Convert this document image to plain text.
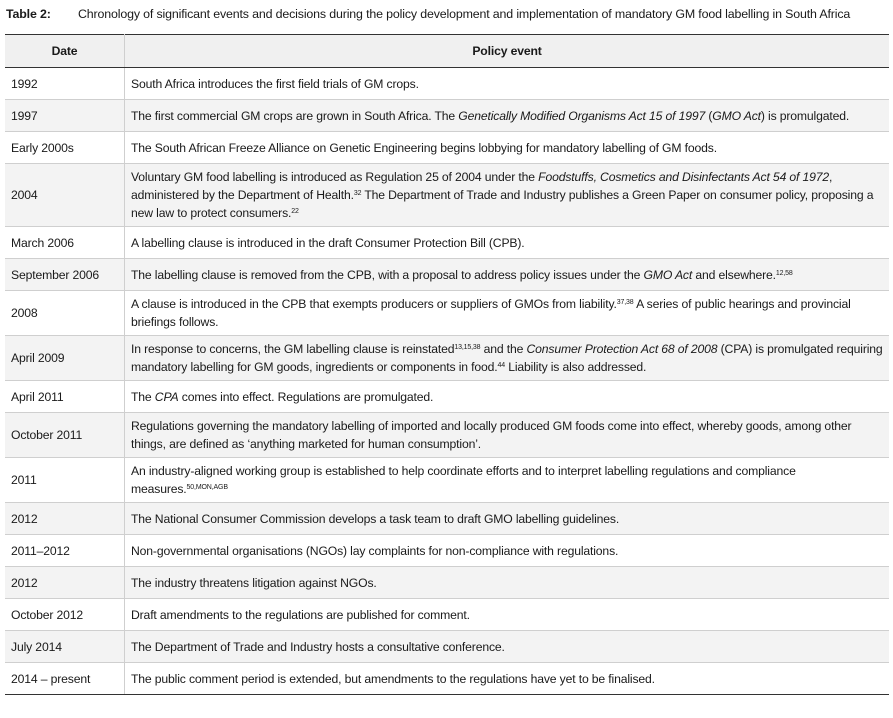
Table 2: Chronology of significant events and decisions during the policy development and implementation of mandatory GM food labelling in South Africa
Date	Policy event
1992	South Africa introduces the first field trials of GM crops.
1997	The first commercial GM crops are grown in South Africa. The Genetically Modified Organisms Act 15 of 1997 (GMO Act) is promulgated.
Early 2000s	The South African Freeze Alliance on Genetic Engineering begins lobbying for mandatory labelling of GM foods.
2004	Voluntary GM food labelling is introduced as Regulation 25 of 2004 under the Foodstuffs, Cosmetics and Disinfectants Act 54 of 1972, administered by the Department of Health.$^{32}$ The Department of Trade and Industry publishes a Green Paper on consumer policy, proposing a new law to protect consumers.$^{22}$
March 2006	A labelling clause is introduced in the draft Consumer Protection Bill (CPB).
September 2006	The labelling clause is removed from the CPB, with a proposal to address policy issues under the GMO Act and elsewhere.$^{12,58}$
2008	A clause is introduced in the CPB that exempts producers or suppliers of GMOs from liability.$^{37,38}$ A series of public hearings and provincial briefings follows.
April 2009	In response to concerns, the GM labelling clause is reinstated$^{13,15,38}$ and the Consumer Protection Act 68 of 2008 (CPA) is promulgated requiring mandatory labelling for GM goods, ingredients or components in food.$^{44}$ Liability is also addressed.
April 2011	The CPA comes into effect. Regulations are promulgated.
October 2011	Regulations governing the mandatory labelling of imported and locally produced GM foods come into effect, whereby goods, among other things, are defined as ‘anything marketed for human consumption’.
2011	An industry-aligned working group is established to help coordinate efforts and to interpret labelling regulations and compliance measures.$^{50,MON,AGB}$
2012	The National Consumer Commission develops a task team to draft GMO labelling guidelines.
2011–2012	Non-governmental organisations (NGOs) lay complaints for non-compliance with regulations.
2012	The industry threatens litigation against NGOs.
October 2012	Draft amendments to the regulations are published for comment.
July 2014	The Department of Trade and Industry hosts a consultative conference.
2014 – present	The public comment period is extended, but amendments to the regulations have yet to be finalised.
